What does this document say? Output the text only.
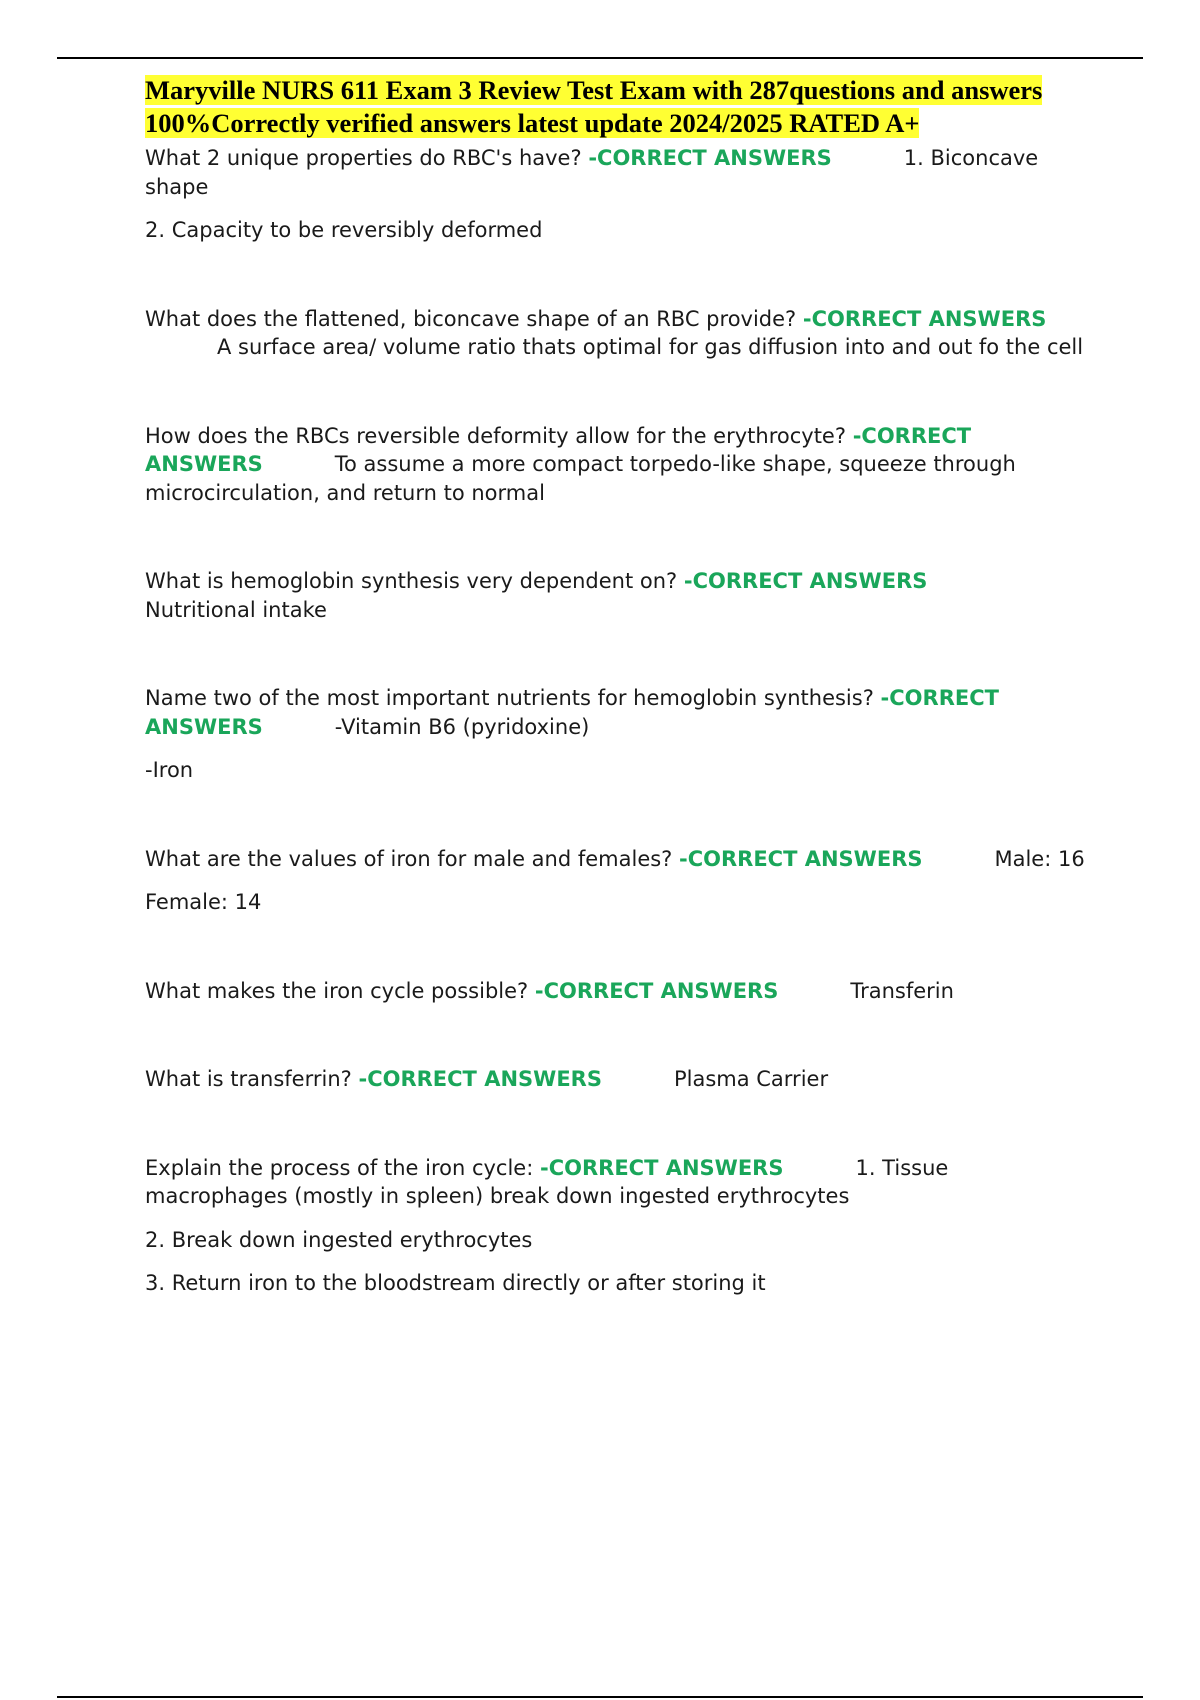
Maryville NURS 611 Exam 3 Review Test Exam with 287questions and answers 100%Correctly verified answers latest update 2024/2025 RATED A+

What 2 unique properties do RBC's have? -CORRECT ANSWERS	1. Biconcave shape

2. Capacity to be reversibly deformed

What does the flattened, biconcave shape of an RBC provide? -CORRECT ANSWERSA surface area/ volume ratio thats optimal for gas diffusion into and out fo the cell

How does the RBCs reversible deformity allow for the erythrocyte? -CORRECT ANSWERS	To assume a more compact torpedo-like shape, squeeze through microcirculation, and return to normal

What is hemoglobin synthesis very dependent on? -CORRECT ANSWERSNutritional intake

Name two of the most important nutrients for hemoglobin synthesis? -CORRECT ANSWERS	-Vitamin B6 (pyridoxine)

-Iron

What are the values of iron for male and females? -CORRECT ANSWERS	Male: 16

Female: 14

What makes the iron cycle possible? -CORRECT ANSWERS	Transferin

What is transferrin? -CORRECT ANSWERS	Plasma Carrier

Explain the process of the iron cycle: -CORRECT ANSWERS	1. Tissue macrophages (mostly in spleen) break down ingested erythrocytes

2. Break down ingested erythrocytes

3. Return iron to the bloodstream directly or after storing it
